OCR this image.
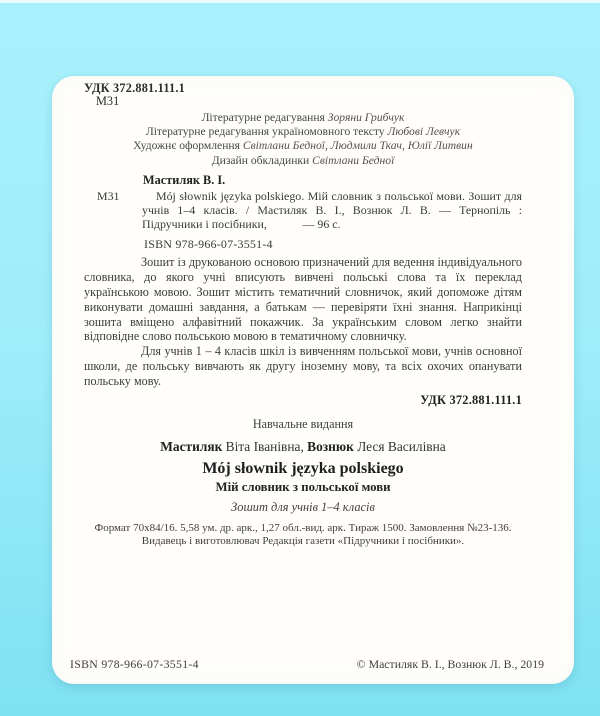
УДК 372.881.111.1
М31
Літературне редагування Зоряни Грибчук
Літературне редагування україномовного тексту Любові Левчук
Художнє оформлення Світлани Бедної, Людмили Ткач, Юлії Литвин
Дизайн обкладинки Світлани Бедної
Мастиляк В. І.
М31	Mój słownik języka polskiego. Мій словник з польської мови. Зошит для учнів 1–4 класів. / Мастиляк В. І., Вознюк Л. В. — Тернопіль : Підручники і посібники,            — 96 с.
ISBN 978-966-07-3551-4

Зошит із друкованою основою призначений для ведення індивідуального словника, до якого учні вписують вивчені польські слова та їх переклад українською мовою. Зошит містить тематичний словничок, який допоможе дітям виконувати домашні завдання, а батькам — перевіряти їхні знання. Наприкінці зошита вміщено алфавітний покажчик. За українським словом легко знайти відповідне слово польською мовою в тематичному словничку.

Для учнів 1 – 4 класів шкіл із вивченням польської мови, учнів основної школи, де польську вивчають як другу іноземну мову, та всіх охочих опанувати польську мову.

УДК 372.881.111.1
Навчальне видання
Мастиляк Віта Іванівна, Вознюк Леся Василівна
Mój słownik języka polskiego
Мій словник з польської мови
Зошит для учнів 1–4 класів
Формат 70х84/16. 5,58 ум. др. арк., 1,27 обл.-вид. арк. Тираж 1500. Замовлення №23-136.
Видавець і виготовлювач Редакція газети «Підручники і посібники».
ISBN 978-966-07-3551-4	© Мастиляк В. І., Вознюк Л. В., 2019
